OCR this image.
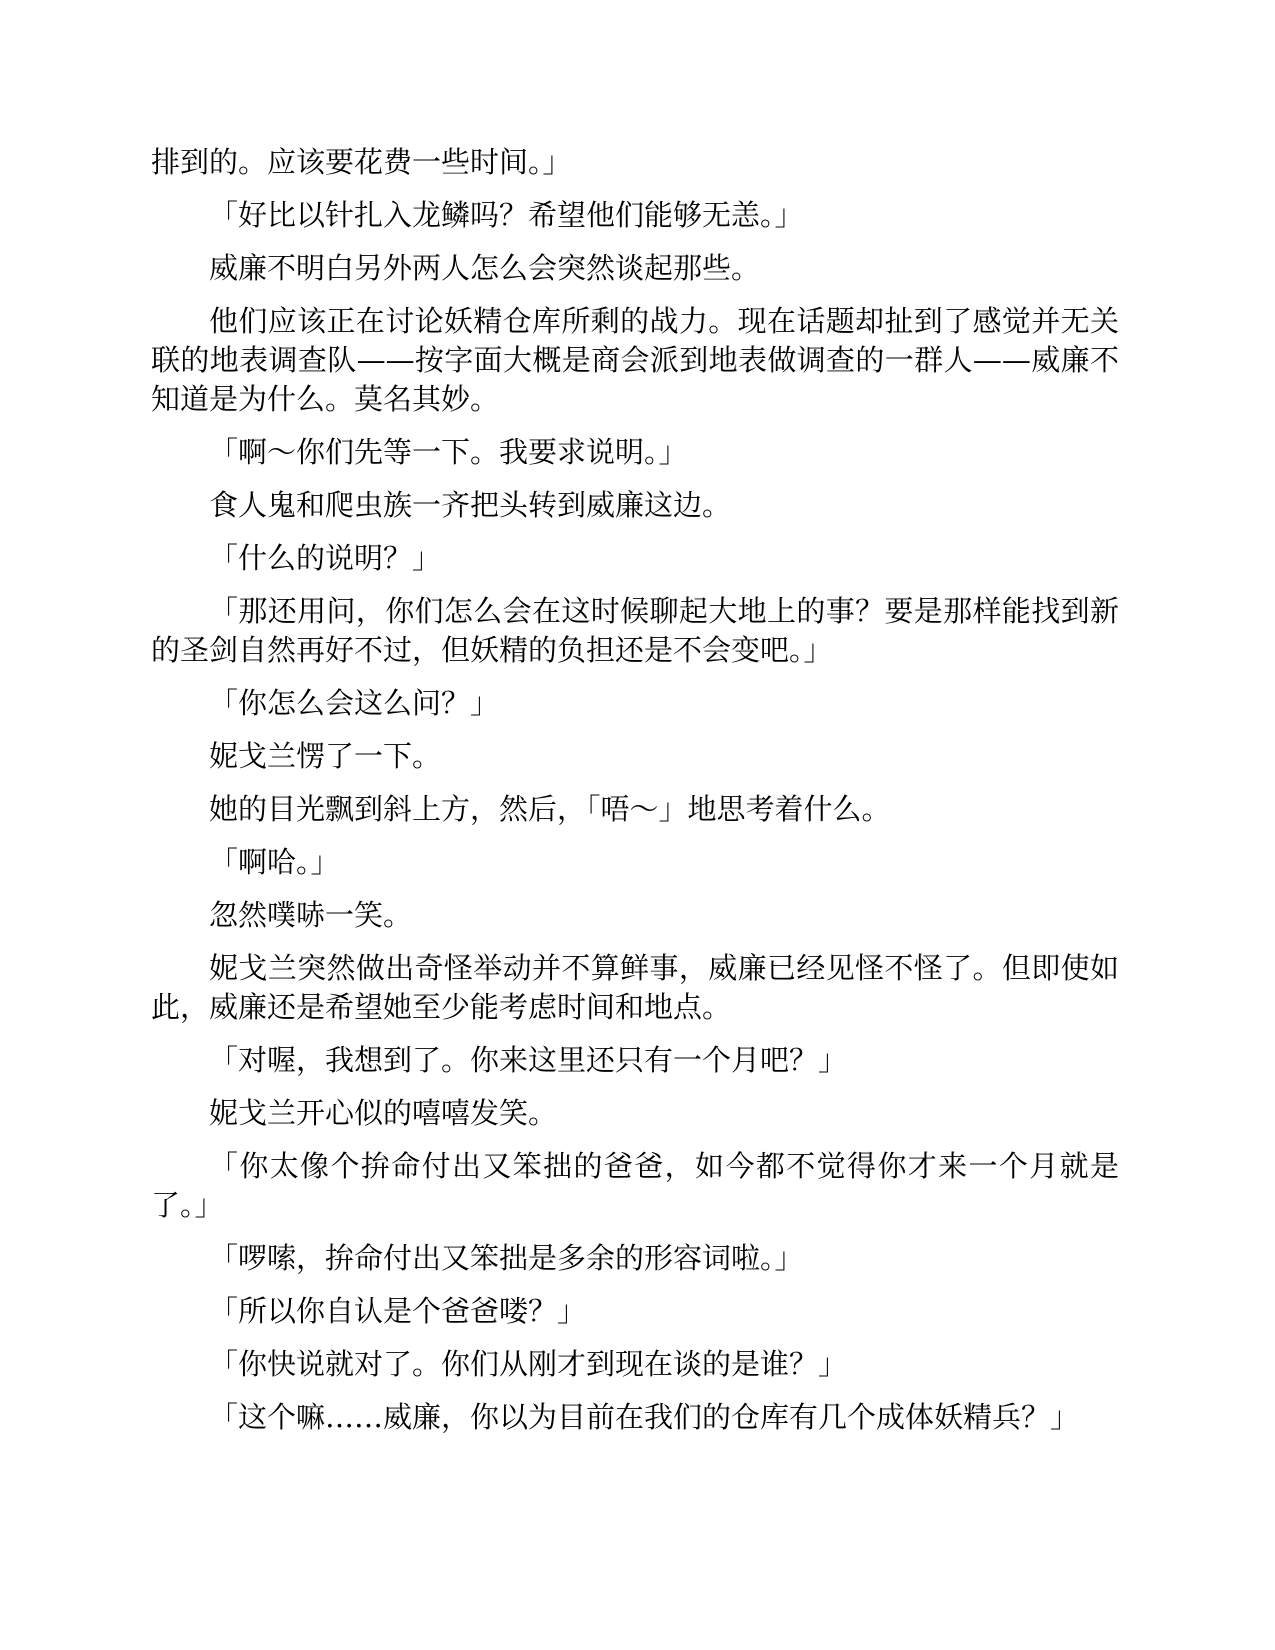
排到的。应该要花费一些时间。」

「好比以针扎入龙鳞吗？希望他们能够无恙。」

威廉不明白另外两人怎么会突然谈起那些。

他们应该正在讨论妖精仓库所剩的战力。现在话题却扯到了感觉并无关联的地表调查队——按字面大概是商会派到地表做调查的一群人——威廉不知道是为什么。莫名其妙。

「啊～你们先等一下。我要求说明。」

食人鬼和爬虫族一齐把头转到威廉这边。

「什么的说明？」

「那还用问，你们怎么会在这时候聊起大地上的事？要是那样能找到新的圣剑自然再好不过，但妖精的负担还是不会变吧。」

「你怎么会这么问？」

妮戈兰愣了一下。

她的目光飘到斜上方，然后，「唔～」地思考着什么。

「啊哈。」

忽然噗哧一笑。

妮戈兰突然做出奇怪举动并不算鲜事，威廉已经见怪不怪了。但即使如此，威廉还是希望她至少能考虑时间和地点。

「对喔，我想到了。你来这里还只有一个月吧？」

妮戈兰开心似的嘻嘻发笑。

「你太像个拚命付出又笨拙的爸爸，如今都不觉得你才来一个月就是了。」

「啰嗦，拚命付出又笨拙是多余的形容词啦。」

「所以你自认是个爸爸喽？」

「你快说就对了。你们从刚才到现在谈的是谁？」

「这个嘛……威廉，你以为目前在我们的仓库有几个成体妖精兵？」
